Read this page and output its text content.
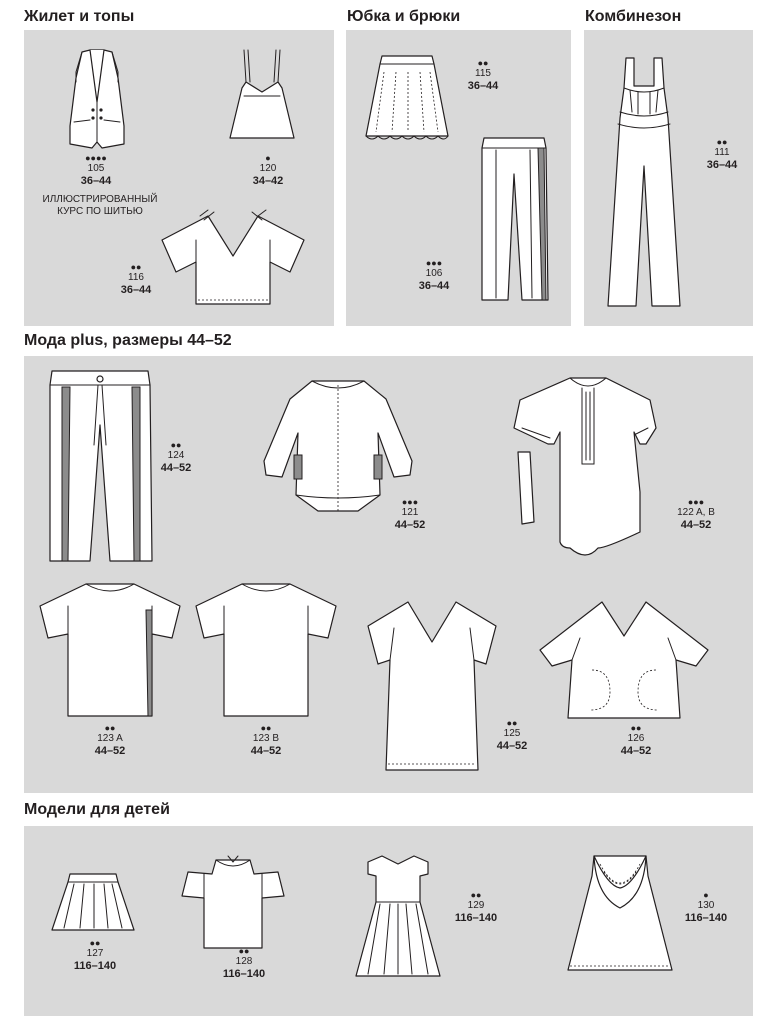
Жилет и топы	Юбка и брюки	Комбинезон
Мода plus, размеры 44–52
Модели для детей
●●●●
105
36–44
ИЛЛЮСТРИРОВАННЫЙ
КУРС ПО ШИТЬЮ
●
120
34–42
●●
116
36–44
●●
115
36–44
●●●
106
36–44
●●
111
36–44
●●
124
44–52
●●●
121
44–52
●●●
122 A, B
44–52
●●
123 A
44–52
●●
123 B
44–52
●●
125
44–52
●●
126
44–52
●●
127
116–140
●●
128
116–140
●●
129
116–140
●
130
116–140
